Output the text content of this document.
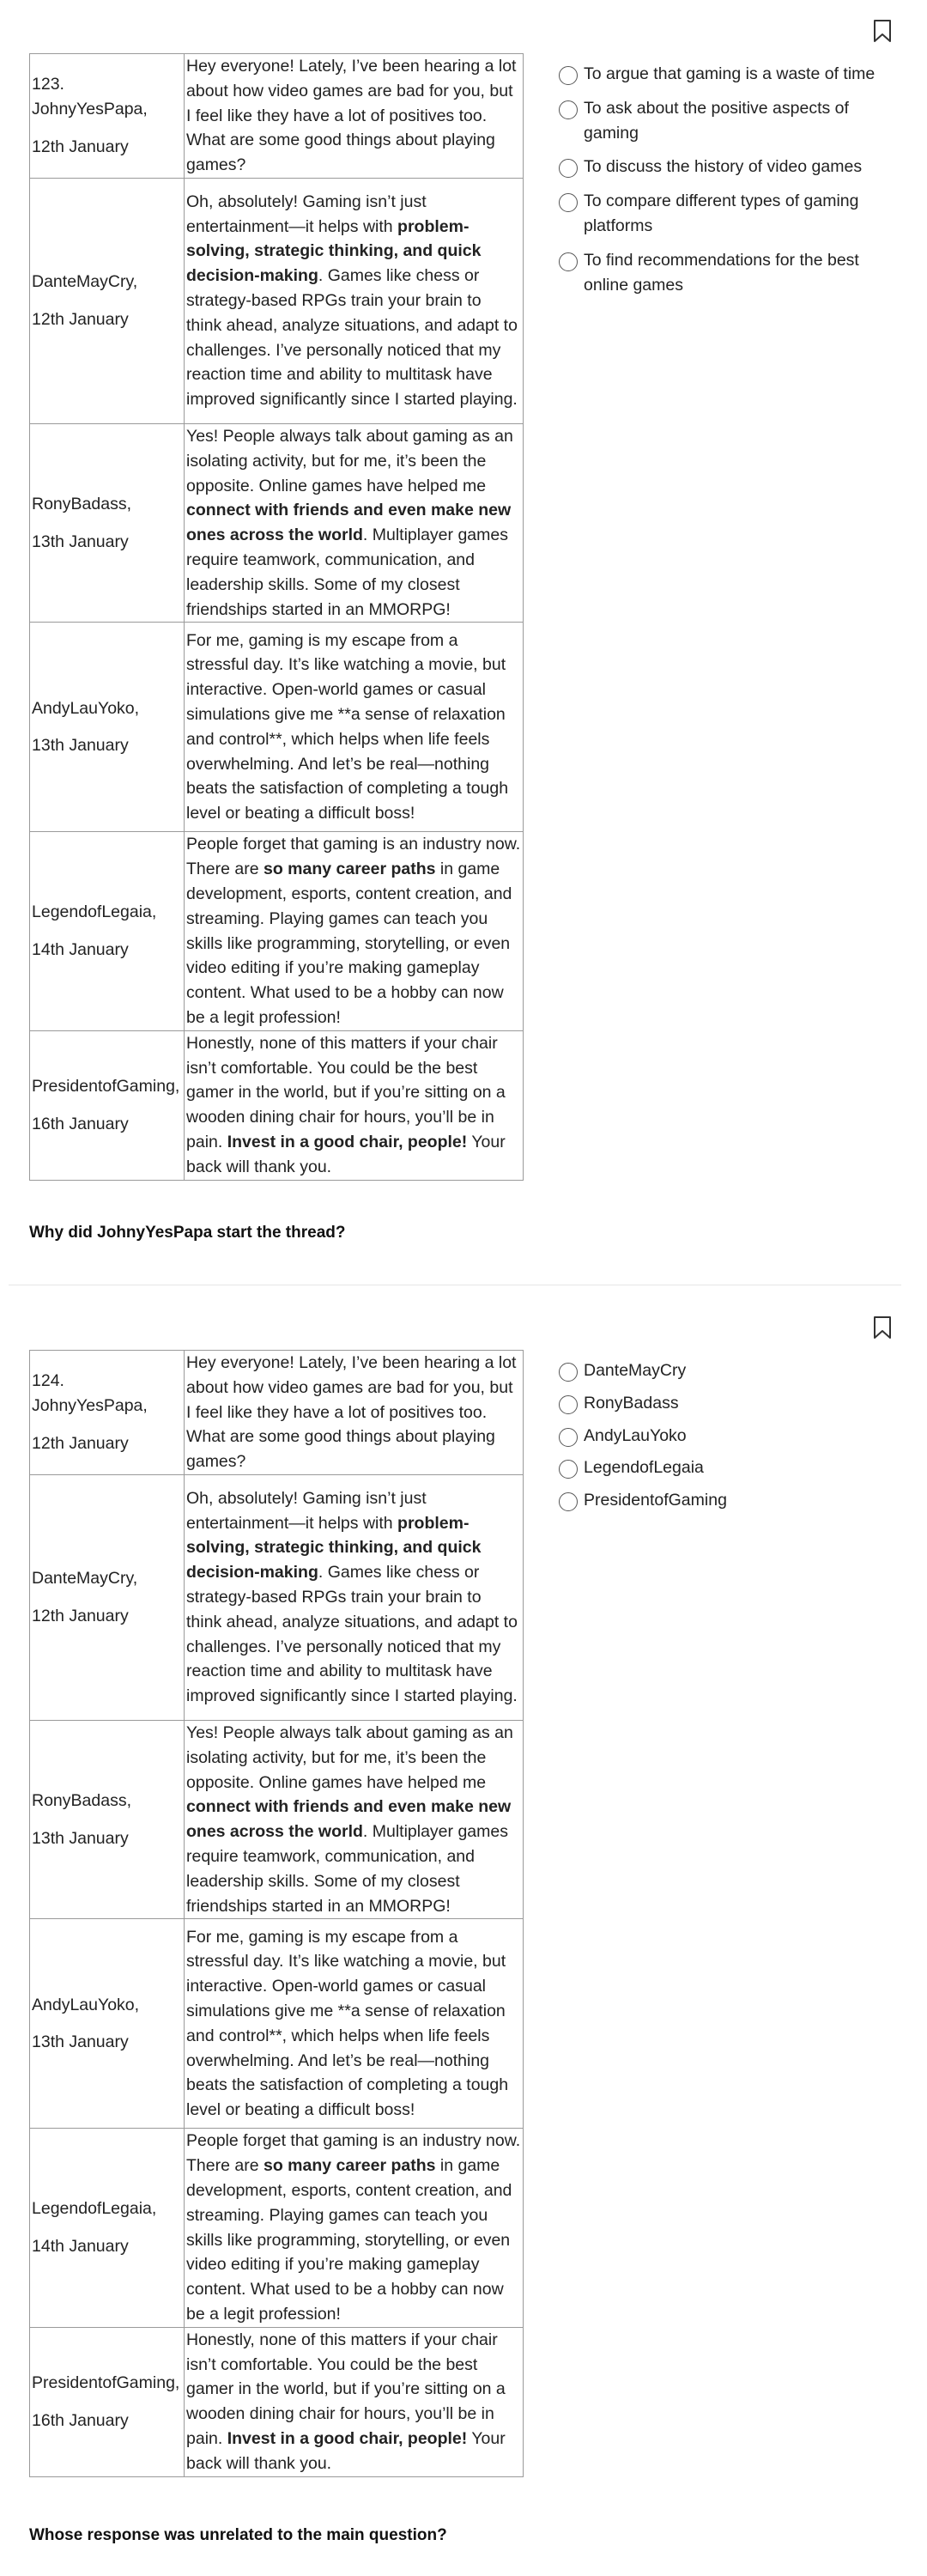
123.
JohnyYesPapa,
12th January	Hey everyone! Lately, I’ve been hearing a lot about how video games are bad for you, but I feel like they have a lot of positives too. What are some good things about playing games?

DanteMayCry,
12th January	Oh, absolutely! Gaming isn’t just entertainment—it helps with problem-solving, strategic thinking, and quick decision-making. Games like chess or strategy-based RPGs train your brain to think ahead, analyze situations, and adapt to challenges. I’ve personally noticed that my reaction time and ability to multitask have improved significantly since I started playing.

RonyBadass,
13th January	Yes! People always talk about gaming as an isolating activity, but for me, it’s been the opposite. Online games have helped me connect with friends and even make new ones across the world. Multiplayer games require teamwork, communication, and leadership skills. Some of my closest friendships started in an MMORPG!

AndyLauYoko,
13th January	For me, gaming is my escape from a stressful day. It’s like watching a movie, but interactive. Open-world games or casual simulations give me **a sense of relaxation and control**, which helps when life feels overwhelming. And let’s be real—nothing beats the satisfaction of completing a tough level or beating a difficult boss!

LegendofLegaia,
14th January	People forget that gaming is an industry now. There are so many career paths in game development, esports, content creation, and streaming. Playing games can teach you skills like programming, storytelling, or even video editing if you’re making gameplay content. What used to be a hobby can now be a legit profession!

PresidentofGaming,
16th January	Honestly, none of this matters if your chair isn’t comfortable. You could be the best gamer in the world, but if you’re sitting on a wooden dining chair for hours, you’ll be in pain. Invest in a good chair, people! Your back will thank you.
To argue that gaming is a waste of time
To ask about the positive aspects of gaming
To discuss the history of video games
To compare different types of gaming platforms
To find recommendations for the best online games
Why did JohnyYesPapa start the thread?
124.
JohnyYesPapa,
12th January	Hey everyone! Lately, I’ve been hearing a lot about how video games are bad for you, but I feel like they have a lot of positives too. What are some good things about playing games?

DanteMayCry,
12th January	Oh, absolutely! Gaming isn’t just entertainment—it helps with problem-solving, strategic thinking, and quick decision-making. Games like chess or strategy-based RPGs train your brain to think ahead, analyze situations, and adapt to challenges. I’ve personally noticed that my reaction time and ability to multitask have improved significantly since I started playing.

RonyBadass,
13th January	Yes! People always talk about gaming as an isolating activity, but for me, it’s been the opposite. Online games have helped me connect with friends and even make new ones across the world. Multiplayer games require teamwork, communication, and leadership skills. Some of my closest friendships started in an MMORPG!

AndyLauYoko,
13th January	For me, gaming is my escape from a stressful day. It’s like watching a movie, but interactive. Open-world games or casual simulations give me **a sense of relaxation and control**, which helps when life feels overwhelming. And let’s be real—nothing beats the satisfaction of completing a tough level or beating a difficult boss!

LegendofLegaia,
14th January	People forget that gaming is an industry now. There are so many career paths in game development, esports, content creation, and streaming. Playing games can teach you skills like programming, storytelling, or even video editing if you’re making gameplay content. What used to be a hobby can now be a legit profession!

PresidentofGaming,
16th January	Honestly, none of this matters if your chair isn’t comfortable. You could be the best gamer in the world, but if you’re sitting on a wooden dining chair for hours, you’ll be in pain. Invest in a good chair, people! Your back will thank you.
DanteMayCry
RonyBadass
AndyLauYoko
LegendofLegaia
PresidentofGaming
Whose response was unrelated to the main question?
